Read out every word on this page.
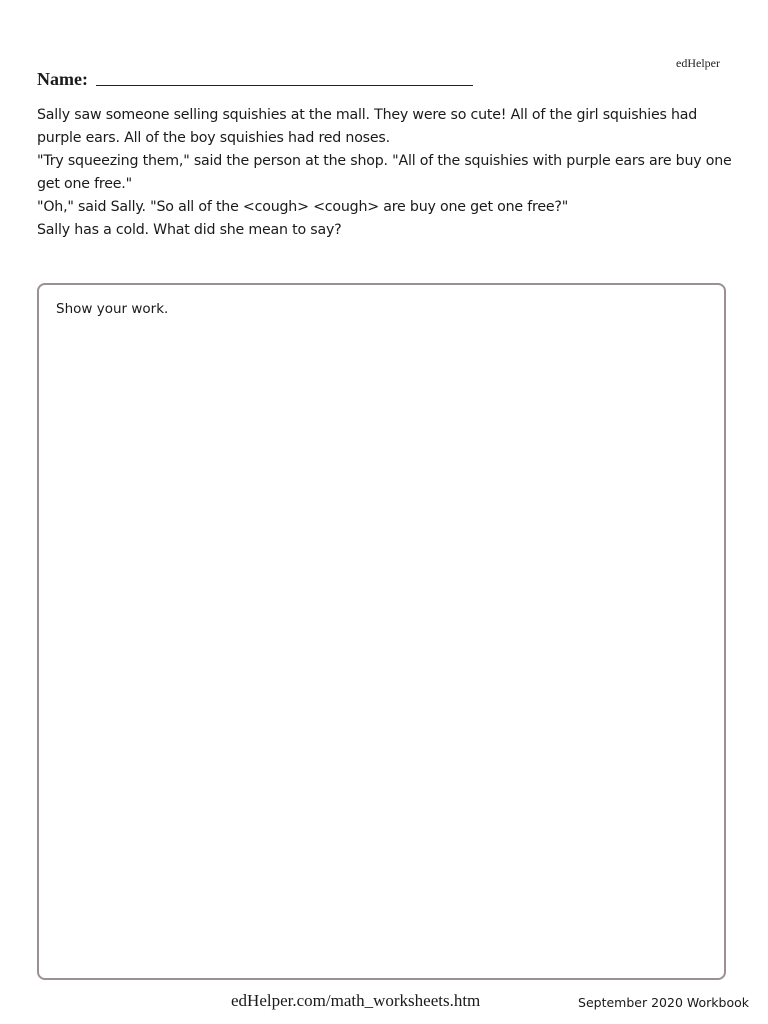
edHelper
Name:

Sally saw someone selling squishies at the mall. They were so cute! All of the girl squishies had purple ears. All of the boy squishies had red noses.

"Try squeezing them," said the person at the shop. "All of the squishies with purple ears are buy one get one free."

"Oh," said Sally. "So all of the <cough> <cough> are buy one get one free?"

Sally has a cold. What did she mean to say?

Show your work.
edHelper.com/math_worksheets.htm	September 2020 Workbook
